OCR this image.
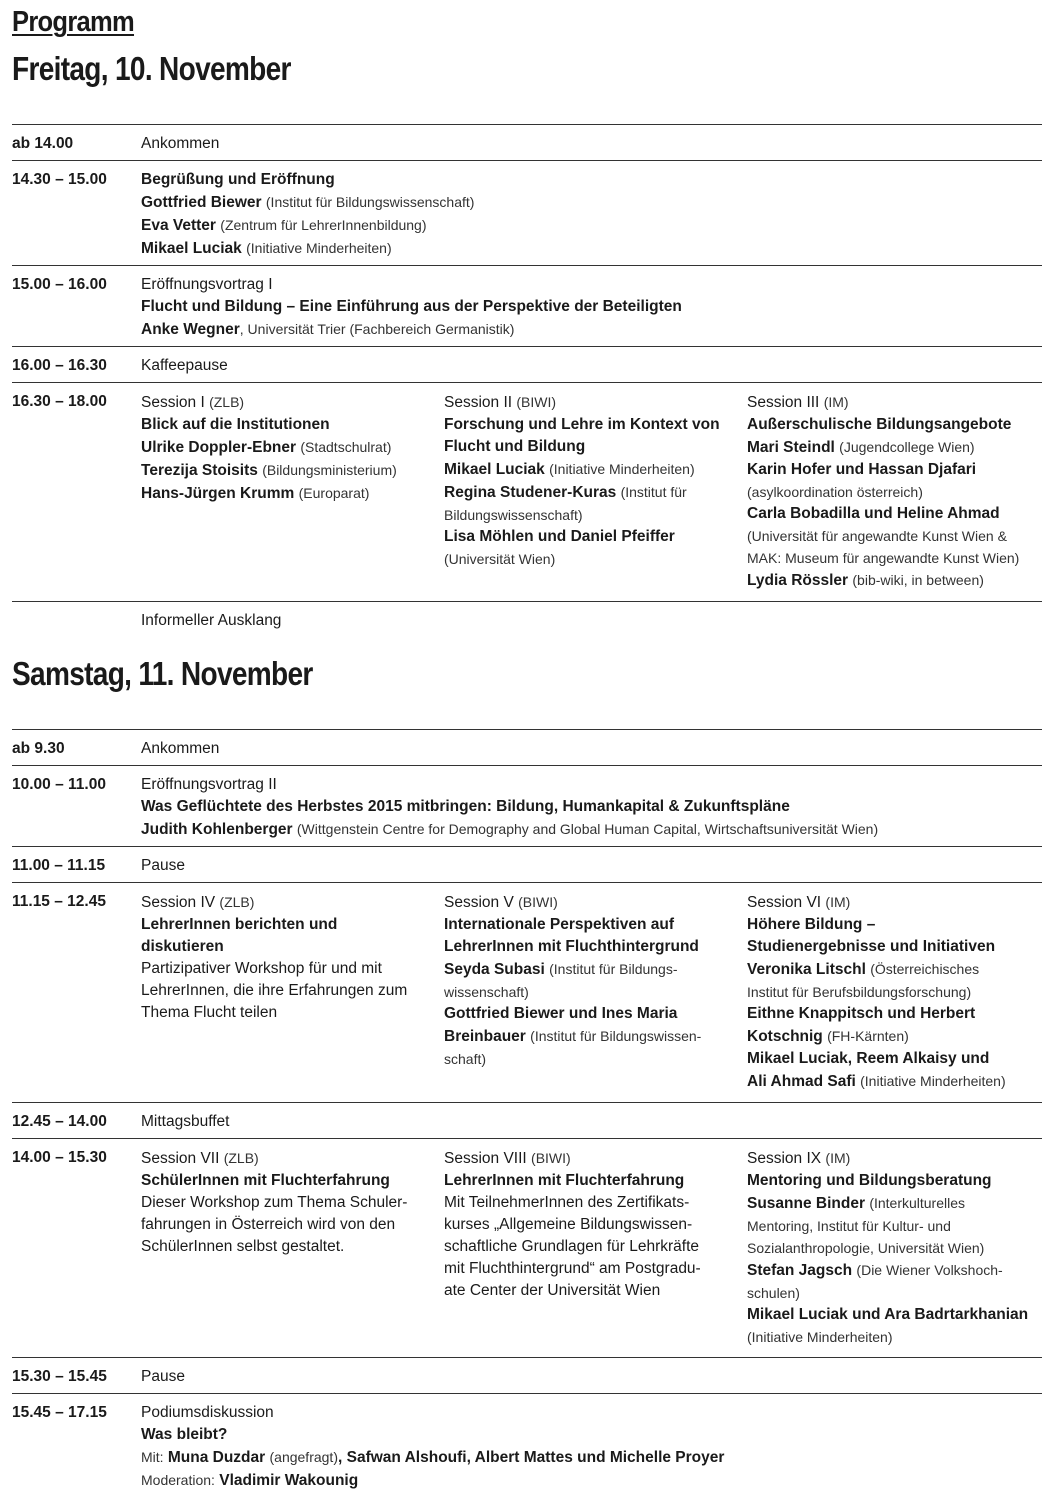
Programm
Freitag, 10. November
ab 14.00	Ankommen
14.30 – 15.00	Begrüßung und Eröffnung
Gottfried Biewer (Institut für Bildungswissenschaft)
Eva Vetter (Zentrum für LehrerInnenbildung)
Mikael Luciak (Initiative Minderheiten)
15.00 – 16.00	Eröffnungsvortrag I
Flucht und Bildung – Eine Einführung aus der Perspektive der Beteiligten
Anke Wegner, Universität Trier (Fachbereich Germanistik)
16.00 – 16.30	Kaffeepause
16.30 – 18.00	Session I (ZLB)
Blick auf die Institutionen
Ulrike Doppler-Ebner (Stadtschulrat)
Terezija Stoisits (Bildungsministerium)
Hans-Jürgen Krumm (Europarat)
Session II (BIWI)
Forschung und Lehre im Kontext von
Flucht und Bildung
Mikael Luciak (Initiative Minderheiten)
Regina Studener-Kuras (Institut für
Bildungswissenschaft)
Lisa Möhlen und Daniel Pfeiffer
(Universität Wien)
Session III (IM)
Außerschulische Bildungsangebote
Mari Steindl (Jugendcollege Wien)
Karin Hofer und Hassan Djafari
(asylkoordination österreich)
Carla Bobadilla und Heline Ahmad
(Universität für angewandte Kunst Wien &
MAK: Museum für angewandte Kunst Wien)
Lydia Rössler (bib-wiki, in between)
Informeller Ausklang
Samstag, 11. November
ab 9.30	Ankommen
10.00 – 11.00	Eröffnungsvortrag II
Was Geflüchtete des Herbstes 2015 mitbringen: Bildung, Humankapital & Zukunftspläne
Judith Kohlenberger (Wittgenstein Centre for Demography and Global Human Capital, Wirtschaftsuniversität Wien)
11.00 – 11.15	Pause
11.15 – 12.45	Session IV (ZLB)
LehrerInnen berichten und
diskutieren
Partizipativer Workshop für und mit
LehrerInnen, die ihre Erfahrungen zum
Thema Flucht teilen
Session V (BIWI)
Internationale Perspektiven auf
LehrerInnen mit Fluchthintergrund
Seyda Subasi (Institut für Bildungs-
wissenschaft)
Gottfried Biewer und Ines Maria
Breinbauer (Institut für Bildungswissen-
schaft)
Session VI (IM)
Höhere Bildung –
Studienergebnisse und Initiativen
Veronika Litschl (Österreichisches
Institut für Berufsbildungsforschung)
Eithne Knappitsch und Herbert
Kotschnig (FH-Kärnten)
Mikael Luciak, Reem Alkaisy und
Ali Ahmad Safi (Initiative Minderheiten)
12.45 – 14.00	Mittagsbuffet
14.00 – 15.30	Session VII (ZLB)
SchülerInnen mit Fluchterfahrung
Dieser Workshop zum Thema Schuler-
fahrungen in Österreich wird von den
SchülerInnen selbst gestaltet.
Session VIII (BIWI)
LehrerInnen mit Fluchterfahrung
Mit TeilnehmerInnen des Zertifikats-
kurses „Allgemeine Bildungswissen-
schaftliche Grundlagen für Lehrkräfte
mit Fluchthintergrund“ am Postgradu-
ate Center der Universität Wien
Session IX (IM)
Mentoring und Bildungsberatung
Susanne Binder (Interkulturelles
Mentoring, Institut für Kultur- und
Sozialanthropologie, Universität Wien)
Stefan Jagsch (Die Wiener Volkshoch-
schulen)
Mikael Luciak und Ara Badrtarkhanian
(Initiative Minderheiten)
15.30 – 15.45	Pause
15.45 – 17.15	Podiumsdiskussion
Was bleibt?
Mit: Muna Duzdar (angefragt), Safwan Alshoufi, Albert Mattes und Michelle Proyer
Moderation: Vladimir Wakounig
